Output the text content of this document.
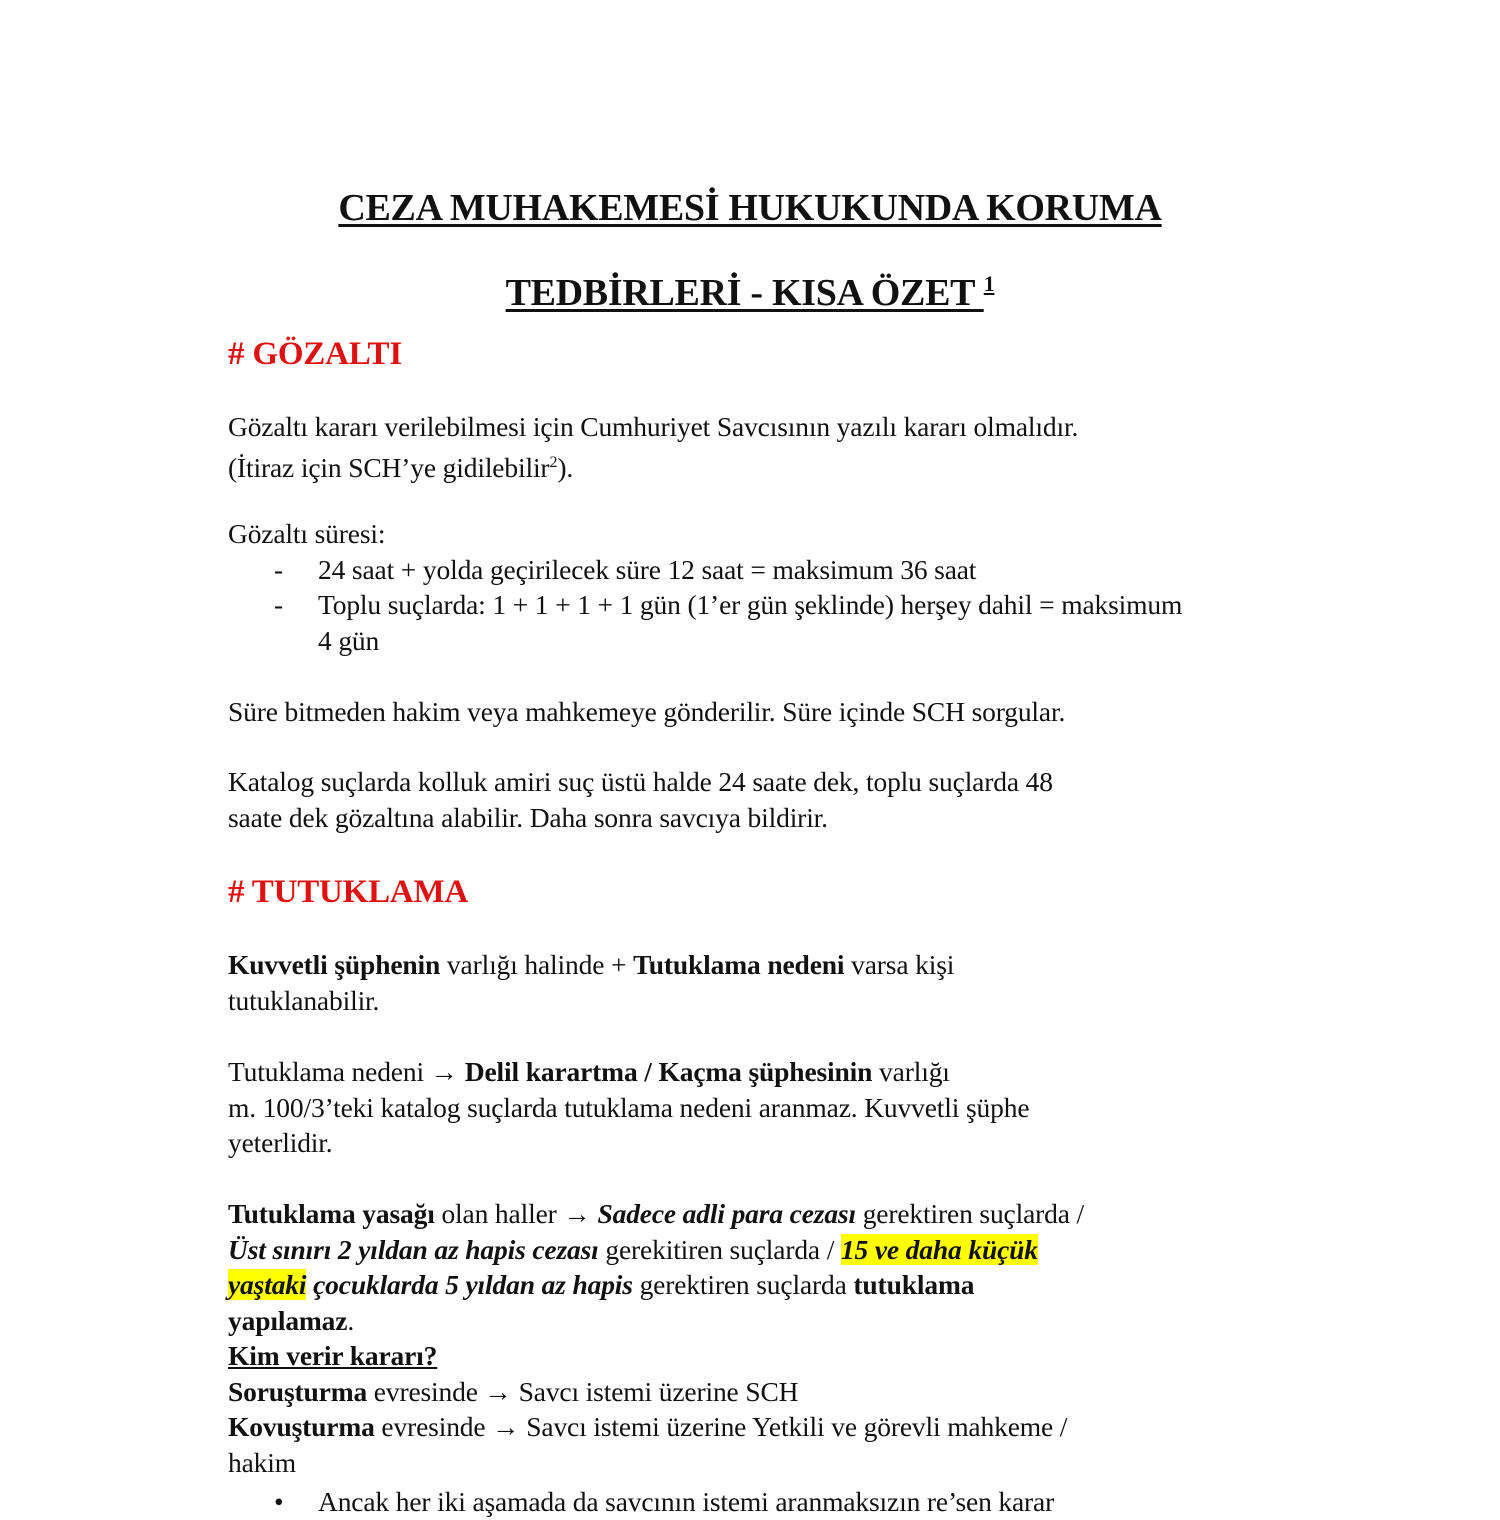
CEZA MUHAKEMESİ HUKUKUNDA KORUMA
TEDBİRLERİ - KISA ÖZET $^1$
# GÖZALTI
Gözaltı kararı verilebilmesi için Cumhuriyet Savcısının yazılı kararı olmalıdır.
(İtiraz için SCH’ye gidilebilir$^2$).
Gözaltı süresi:
- 24 saat + yolda geçirilecek süre 12 saat = maksimum 36 saat
- Toplu suçlarda: 1 + 1 + 1 + 1 gün (1’er gün şeklinde) herşey dahil = maksimum 4 gün
Süre bitmeden hakim veya mahkemeye gönderilir. Süre içinde SCH sorgular.
Katalog suçlarda kolluk amiri suç üstü halde 24 saate dek, toplu suçlarda 48
saate dek gözaltına alabilir. Daha sonra savcıya bildirir.
# TUTUKLAMA
Kuvvetli şüphenin varlığı halinde + Tutuklama nedeni varsa kişi
tutuklanabilir.
Tutuklama nedeni → Delil karartma / Kaçma şüphesinin varlığı
m. 100/3’teki katalog suçlarda tutuklama nedeni aranmaz. Kuvvetli şüphe
yeterlidir.
Tutuklama yasağı olan haller → Sadece adli para cezası gerektiren suçlarda /
Üst sınırı 2 yıldan az hapis cezası gerekitiren suçlarda / 15 ve daha küçük
yaştaki çocuklarda 5 yıldan az hapis gerektiren suçlarda tutuklama
yapılamaz.
Kim verir kararı?
Soruşturma evresinde → Savcı istemi üzerine SCH
Kovuşturma evresinde → Savcı istemi üzerine Yetkili ve görevli mahkeme /
hakim
• Ancak her iki aşamada da savcının istemi aranmaksızın re’sen karar
